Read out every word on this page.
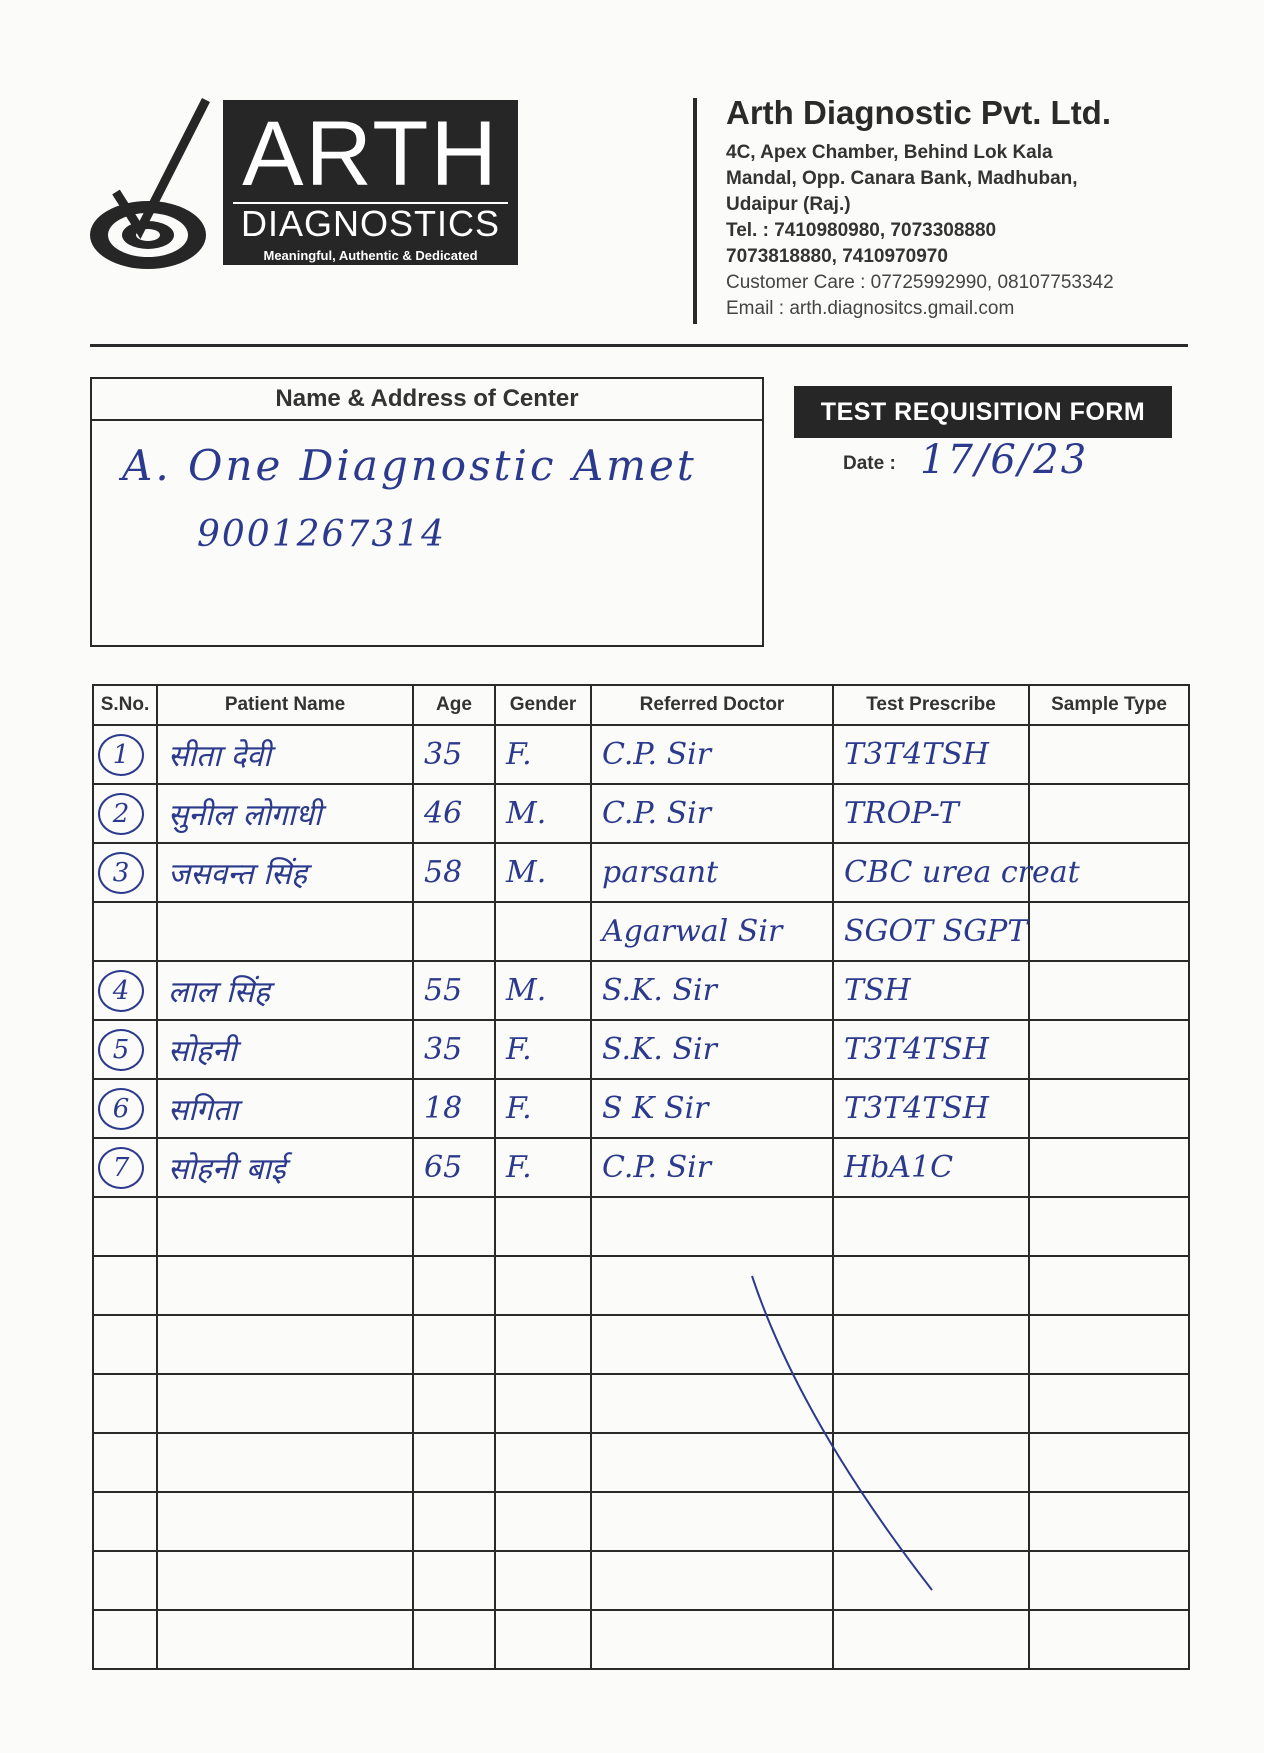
ARTH
DIAGNOSTICS
Meaningful, Authentic & Dedicated
Arth Diagnostic Pvt. Ltd.
4C, Apex Chamber, Behind Lok Kala
Mandal, Opp. Canara Bank, Madhuban,
Udaipur (Raj.)
Tel. : 7410980980, 7073308880
7073818880, 7410970970
Customer Care : 07725992990, 08107753342
Email : arth.diagnositcs.gmail.com
Name & Address of Center
A. One Diagnostic Amet
9001267314
TEST REQUISITION FORM
Date : 17/6/23
S.No.	Patient Name	Age	Gender	Referred Doctor	Test Prescribe	Sample Type
1	सीता देवी	35	F.	C.P. Sir	T3T4TSH	
2	सुनील लोगाधी	46	M.	C.P. Sir	TROP-T	
3	जसवन्त सिंह	58	M.	parsant	CBC urea creat	
				Agarwal Sir	SGOT SGPT	
4	लाल सिंह	55	M.	S.K. Sir	TSH	
5	सोहनी	35	F.	S.K. Sir	T3T4TSH	
6	सगिता	18	F.	S K Sir	T3T4TSH	
7	सोहनी बाई	65	F.	C.P. Sir	HbA1C	
